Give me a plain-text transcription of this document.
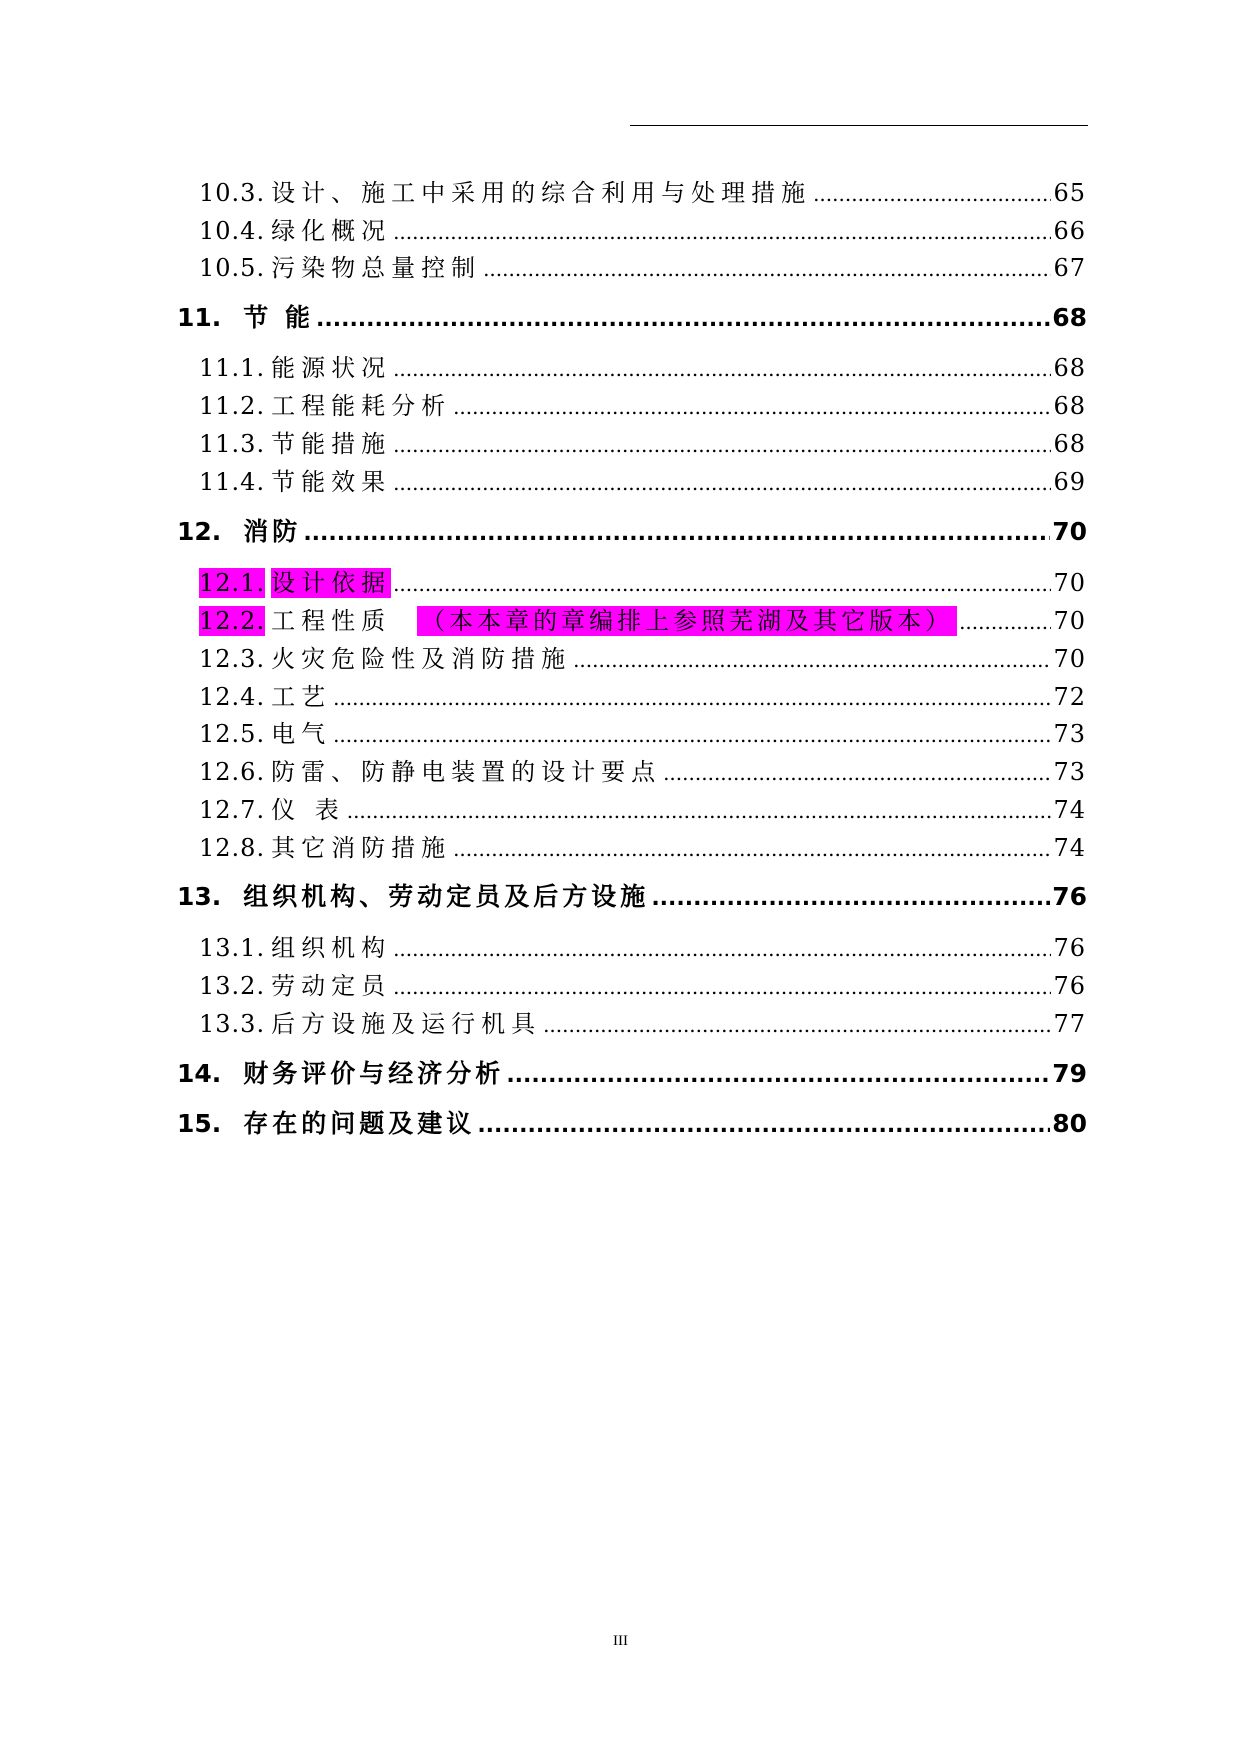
10.3. 设计、施工中采用的综合利用与处理措施 .....	65
10.4. 绿化概况 .....	66
10.5. 污染物总量控制 .....	67
11. 节 能 .....	68
11.1. 能源状况 .....	68
11.2. 工程能耗分析 .....	68
11.3. 节能措施 .....	68
11.4. 节能效果 .....	69
12. 消防 .....	70
12.1. 设计依据 .....	70
12.2. 工程性质 （本本章的章编排上参照芜湖及其它版本） .....	70
12.3. 火灾危险性及消防措施 .....	70
12.4. 工艺 .....	72
12.5. 电气 .....	73
12.6. 防雷、防静电装置的设计要点 .....	73
12.7. 仪 表 .....	74
12.8. 其它消防措施 .....	74
13. 组织机构、劳动定员及后方设施 .....	76
13.1. 组织机构 .....	76
13.2. 劳动定员 .....	76
13.3. 后方设施及运行机具 .....	77
14. 财务评价与经济分析 .....	79
15. 存在的问题及建议 .....	80
III
